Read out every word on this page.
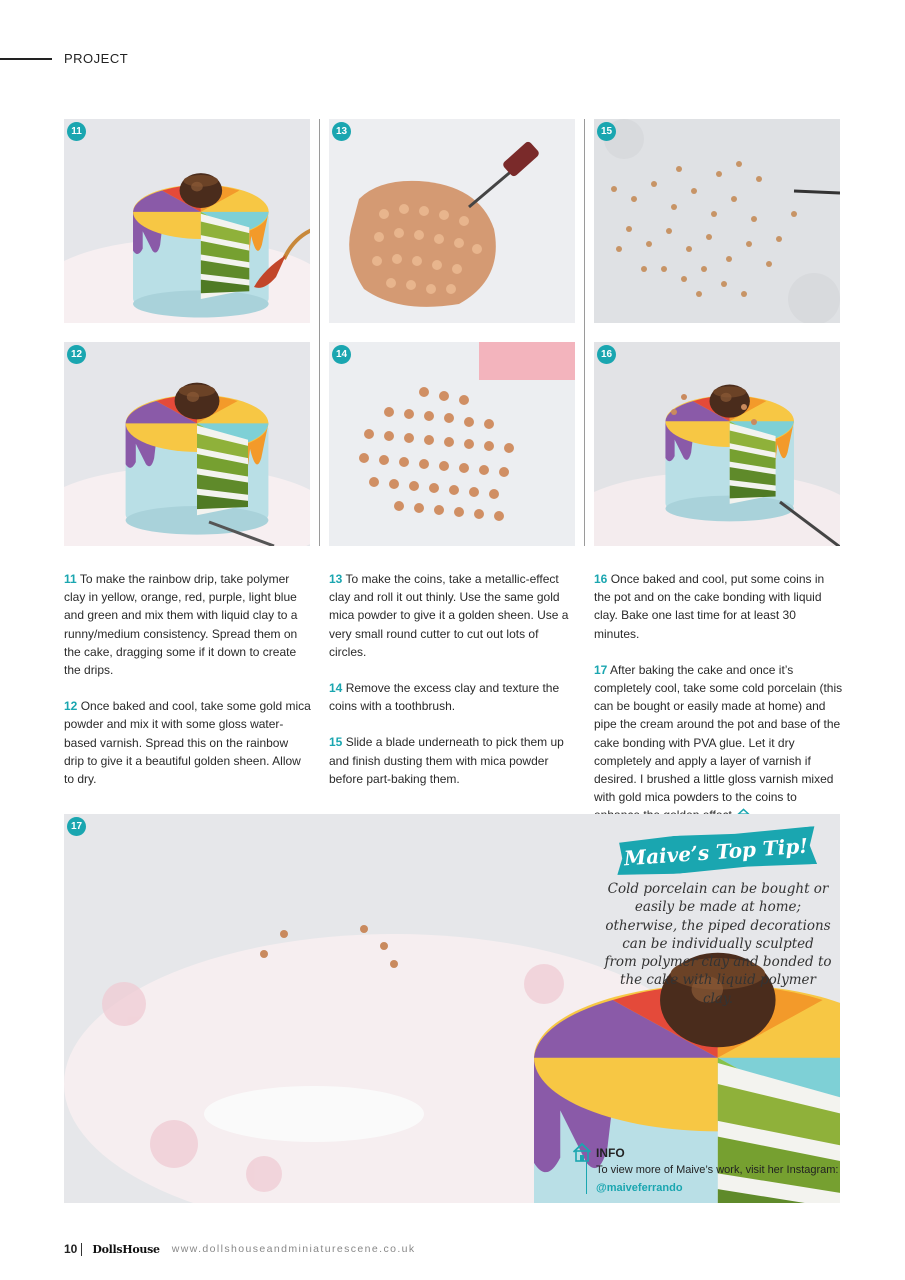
PROJECT
11	13	15
12	14	16

11 To make the rainbow drip, take polymer clay in yellow, orange, red, purple, light blue and green and mix them with liquid clay to a runny/medium consistency. Spread them on the cake, dragging some if it down to create the drips.

12 Once baked and cool, take some gold mica powder and mix it with some gloss water-based varnish. Spread this on the rainbow drip to give it a beautiful golden sheen. Allow to dry.

13 To make the coins, take a metallic-effect clay and roll it out thinly. Use the same gold mica powder to give it a golden sheen. Use a very small round cutter to cut out lots of circles.

14 Remove the excess clay and texture the coins with a toothbrush.

15 Slide a blade underneath to pick them up and finish dusting them with mica powder before part-baking them.

16 Once baked and cool, put some coins in the pot and on the cake bonding with liquid clay. Bake one last time for at least 30 minutes.

17 After baking the cake and once it’s completely cool, take some cold porcelain (this can be bought or easily made at home) and pipe the cream around the pot and base of the cake bonding with PVA glue. Let it dry completely and apply a layer of varnish if desired. I brushed a little gloss varnish mixed with gold mica powders to the coins to

17
Maive’s Top Tip!
Cold porcelain can be bought or easily be made at home; otherwise, the piped decorations can be individually sculpted from polymer clay and bonded to the cake with liquid polymer clay.
INFO
To view more of Maive’s work, visit her Instagram:
@maiveferrando
10 DollsHouse www.dollshouseandminiaturescene.co.uk
